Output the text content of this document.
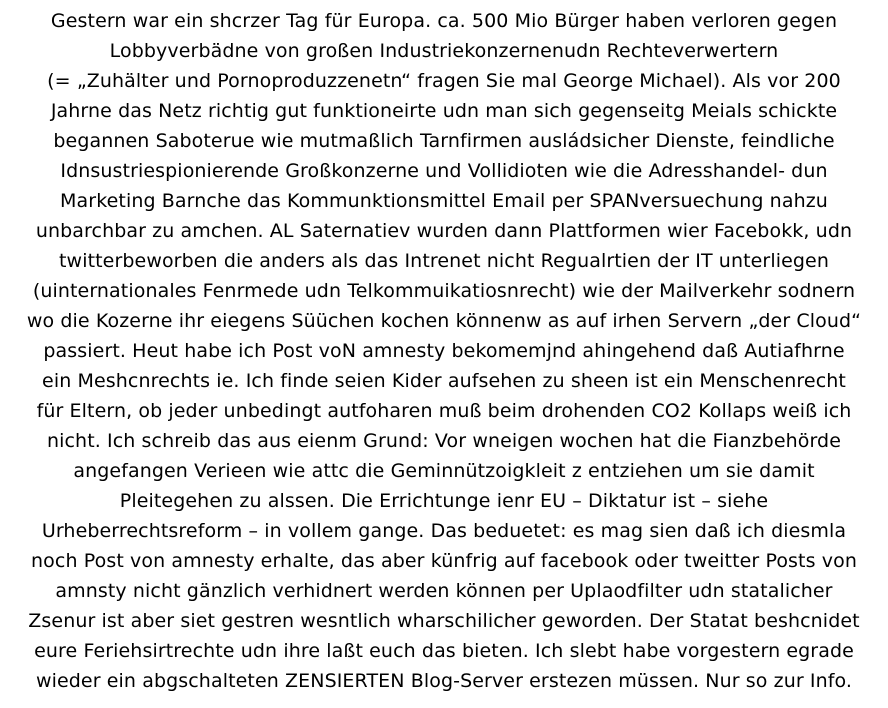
Gestern war ein shcrzer Tag für Europa. ca. 500 Mio Bürger haben verloren gegen
Lobbyverbädne von großen Industriekonzernenudn Rechteverwertern
(= „Zuhälter und Pornoproduzzenetn“ fragen Sie mal George Michael). Als vor 200
Jahrne das Netz richtig gut funktioneirte udn man sich gegenseitg Meials schickte
begannen Saboterue wie mutmaßlich Tarnfirmen ausládsicher Dienste, feindliche
Idnsustriespionierende Großkonzerne und Vollidioten wie die Adresshandel- dun
Marketing Barnche das Kommunktionsmittel Email per SPANversuechung nahzu
unbarchbar zu amchen. AL Saternatiev wurden dann Plattformen wier Facebokk, udn
twitterbeworben die anders als das Intrenet nicht Regualrtien der IT unterliegen
(uinternationales Fenrmede udn Telkommuikatiosnrecht) wie der Mailverkehr sodnern
wo die Kozerne ihr eiegens Süüchen kochen könnenw as auf irhen Servern „der Cloud“
passiert. Heut habe ich Post voN amnesty bekomemjnd ahingehend daß Autiafhrne
ein Meshcnrechts ie. Ich finde seien Kider aufsehen zu sheen ist ein Menschenrecht
für Eltern, ob jeder unbedingt autfoharen muß beim drohenden CO2 Kollaps weiß ich
nicht. Ich schreib das aus eienm Grund: Vor wneigen wochen hat die Fianzbehörde
angefangen Verieen wie attc die Geminnützoigkleit z entziehen um sie damit
Pleitegehen zu alssen. Die Errichtunge ienr EU – Diktatur ist – siehe
Urheberrechtsreform – in vollem gange. Das beduetet: es mag sien daß ich diesmla
noch Post von amnesty erhalte, das aber künfrig auf facebook oder tweitter Posts von
amnsty nicht gänzlich verhidnert werden können per Uplaodfilter udn statalicher
Zsenur ist aber siet gestren wesntlich wharschilicher geworden. Der Statat beshcnidet
eure Feriehsirtrechte udn ihre laßt euch das bieten. Ich slebt habe vorgestern egrade
wieder ein abgschalteten ZENSIERTEN Blog-Server erstezen müssen. Nur so zur Info.
